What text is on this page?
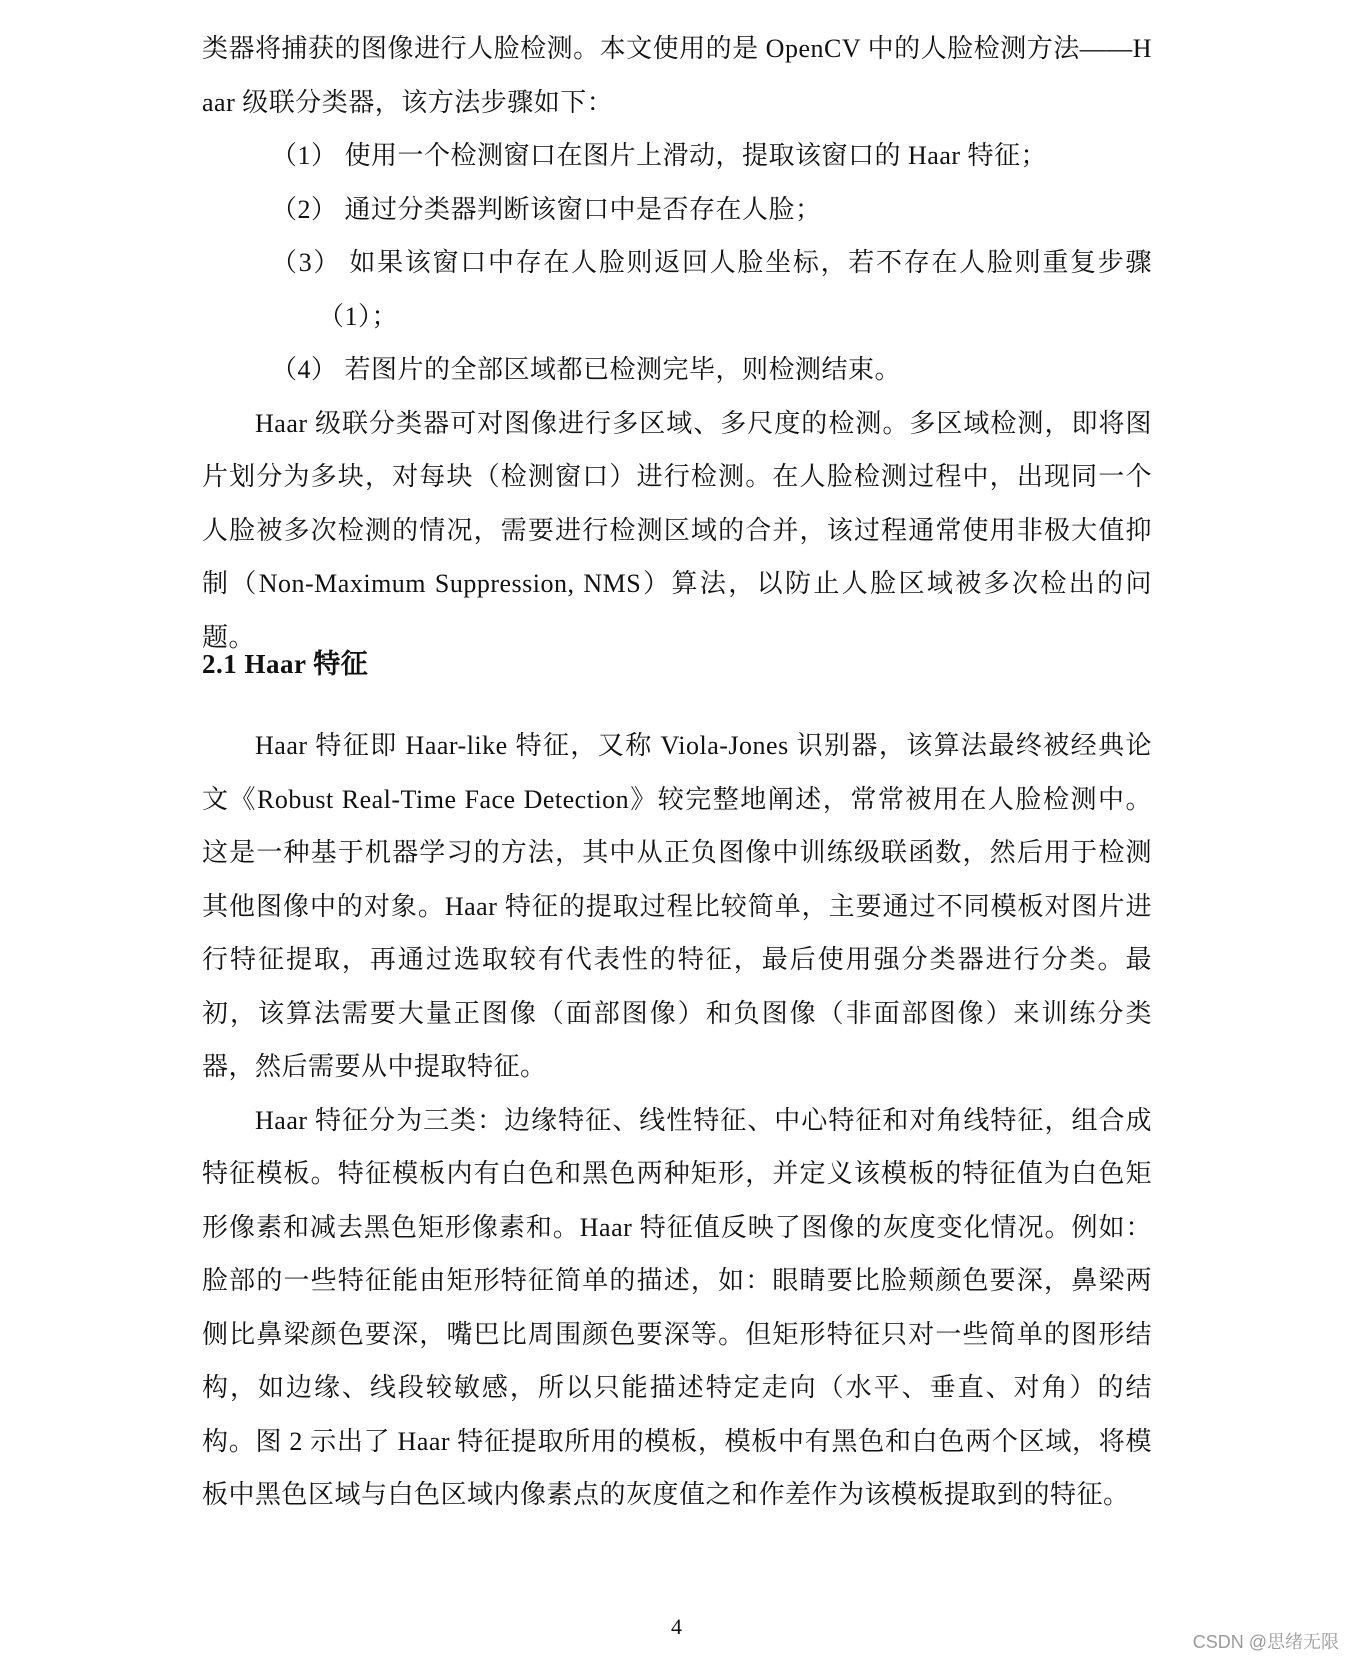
类器将捕获的图像进行人脸检测。本文使用的是 OpenCV 中的人脸检测方法——Haar 级联分类器，该方法步骤如下：

（1） 使用一个检测窗口在图片上滑动，提取该窗口的 Haar 特征；

（2） 通过分类器判断该窗口中是否存在人脸；

（3） 如果该窗口中存在人脸则返回人脸坐标，若不存在人脸则重复步骤（1）；

（4） 若图片的全部区域都已检测完毕，则检测结束。

Haar 级联分类器可对图像进行多区域、多尺度的检测。多区域检测，即将图片划分为多块，对每块（检测窗口）进行检测。在人脸检测过程中，出现同一个人脸被多次检测的情况，需要进行检测区域的合并，该过程通常使用非极大值抑制（Non-Maximum Suppression, NMS）算法，以防止人脸区域被多次检出的问题。

2.1 Haar 特征

Haar 特征即 Haar-like 特征，又称 Viola-Jones 识别器，该算法最终被经典论文《Robust Real-Time Face Detection》较完整地阐述，常常被用在人脸检测中。这是一种基于机器学习的方法，其中从正负图像中训练级联函数，然后用于检测其他图像中的对象。Haar 特征的提取过程比较简单，主要通过不同模板对图片进行特征提取，再通过选取较有代表性的特征，最后使用强分类器进行分类。最初，该算法需要大量正图像（面部图像）和负图像（非面部图像）来训练分类器，然后需要从中提取特征。

Haar 特征分为三类：边缘特征、线性特征、中心特征和对角线特征，组合成特征模板。特征模板内有白色和黑色两种矩形，并定义该模板的特征值为白色矩形像素和减去黑色矩形像素和。Haar 特征值反映了图像的灰度变化情况。例如：脸部的一些特征能由矩形特征简单的描述，如：眼睛要比脸颊颜色要深，鼻梁两侧比鼻梁颜色要深，嘴巴比周围颜色要深等。但矩形特征只对一些简单的图形结构，如边缘、线段较敏感，所以只能描述特定走向（水平、垂直、对角）的结构。图 2 示出了 Haar 特征提取所用的模板，模板中有黑色和白色两个区域，将模板中黑色区域与白色区域内像素点的灰度值之和作差作为该模板提取到的特征。

4
CSDN @思绪无限
